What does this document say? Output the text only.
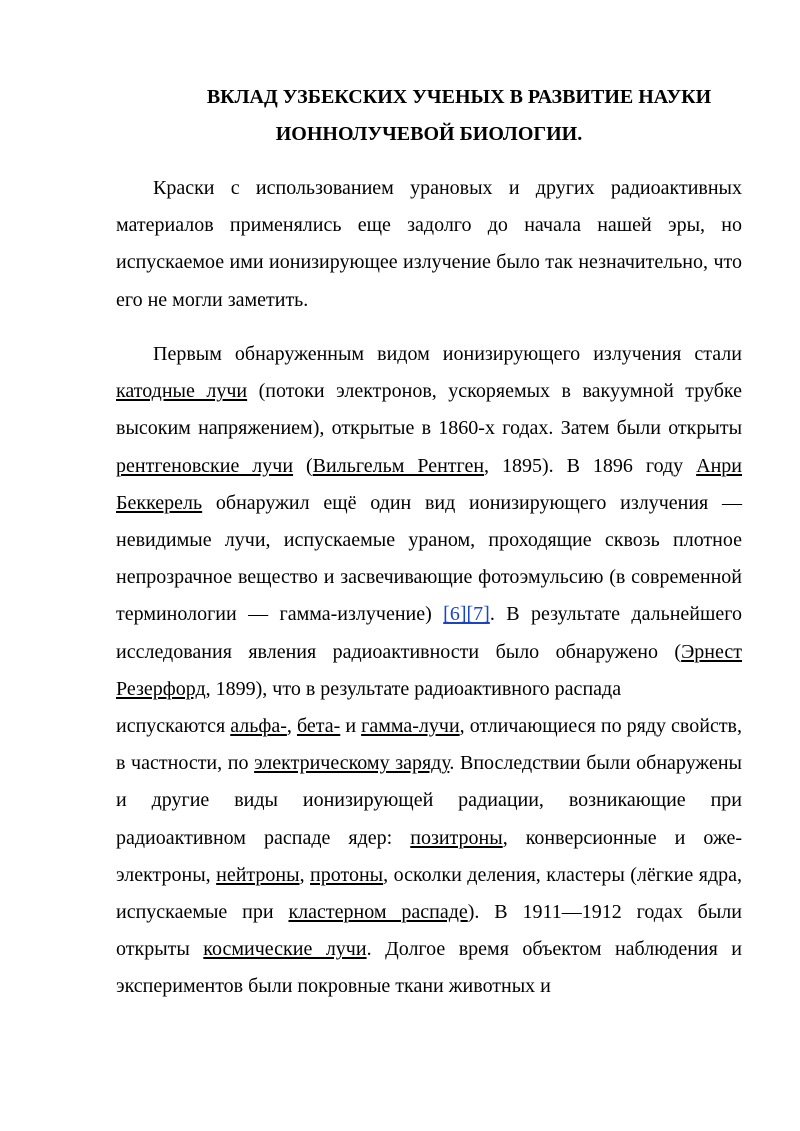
ВКЛАД УЗБЕКСКИХ УЧЕНЫХ В РАЗВИТИЕ НАУКИ
ИОННОЛУЧЕВОЙ БИОЛОГИИ.

Краски с использованием урановых и других радиоактивных материалов применялись еще задолго до начала нашей эры, но испускаемое ими ионизирующее излучение было так незначительно, что его не могли заметить.

Первым обнаруженным видом ионизирующего излучения стали катодные лучи (потоки электронов, ускоряемых в вакуумной трубке высоким напряжением), открытые в 1860-х годах. Затем были открыты рентгеновские лучи (Вильгельм Рентген, 1895). В 1896 году Анри Беккерель обнаружил ещё один вид ионизирующего излучения — невидимые лучи, испускаемые ураном, проходящие сквозь плотное непрозрачное вещество и засвечивающие фотоэмульсию (в современной терминологии — гамма-излучение) [6][7]. В результате дальнейшего исследования явления радиоактивности было обнаружено (Эрнест Резерфорд, 1899), что в результате радиоактивного распада
испускаются альфа-, бета- и гамма-лучи, отличающиеся по ряду свойств, в частности, по электрическому заряду. Впоследствии были обнаружены и другие виды ионизирующей радиации, возникающие при радиоактивном распаде ядер: позитроны, конверсионные и оже-электроны, нейтроны, протоны, осколки деления, кластеры (лёгкие ядра, испускаемые при кластерном распаде). В 1911—1912 годах были открыты космические лучи. Долгое время объектом наблюдения и экспериментов были покровные ткани животных и
